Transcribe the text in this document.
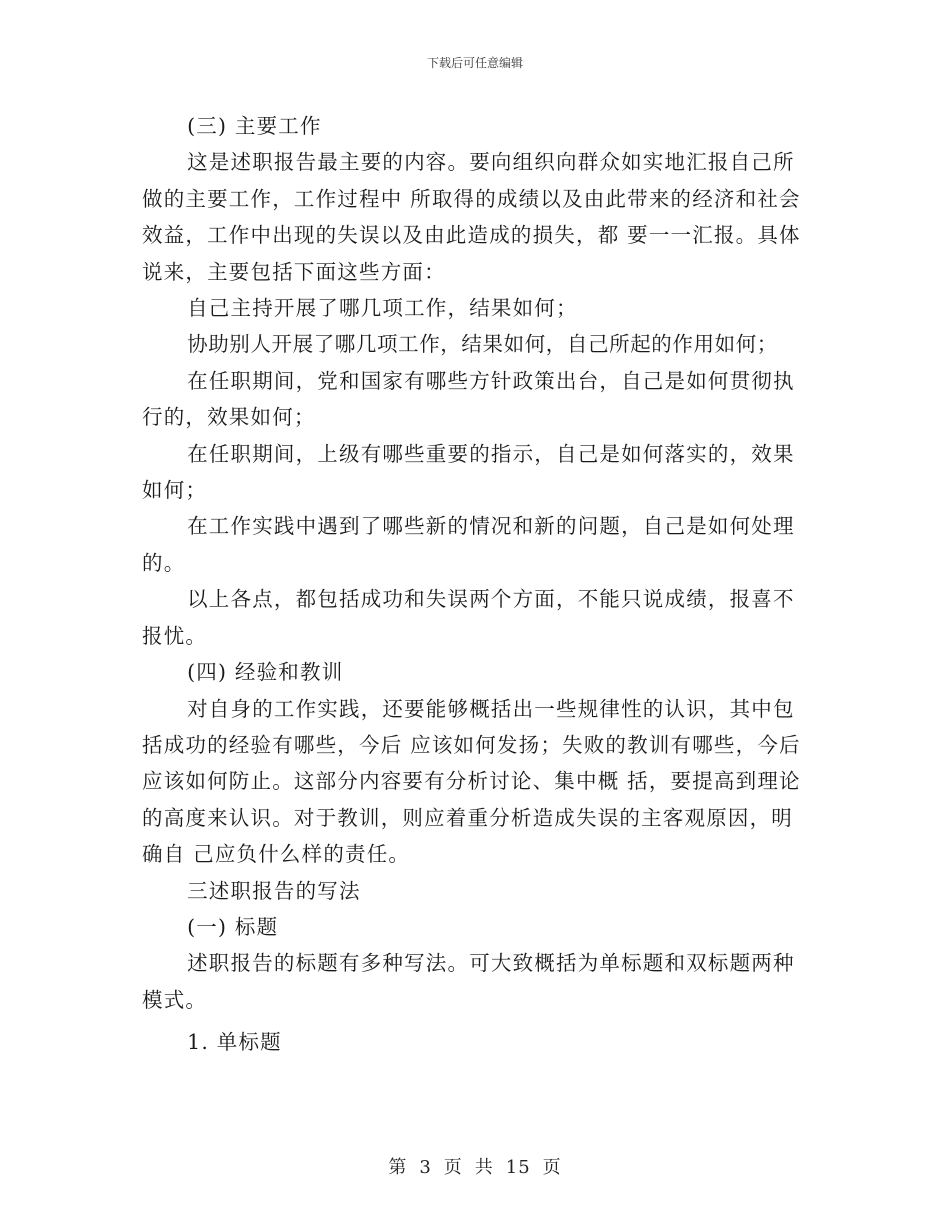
下载后可任意编辑

(三) 主要工作

这是述职报告最主要的内容。要向组织向群众如实地汇报自己所做的主要工作，工作过程中 所取得的成绩以及由此带来的经济和社会效益，工作中出现的失误以及由此造成的损失，都 要一一汇报。具体说来，主要包括下面这些方面：

自己主持开展了哪几项工作，结果如何；

协助别人开展了哪几项工作，结果如何，自己所起的作用如何；

在任职期间，党和国家有哪些方针政策出台，自己是如何贯彻执行的，效果如何；

在任职期间，上级有哪些重要的指示，自己是如何落实的，效果如何；

在工作实践中遇到了哪些新的情况和新的问题，自己是如何处理的。

以上各点，都包括成功和失误两个方面，不能只说成绩，报喜不报忧。

(四) 经验和教训

对自身的工作实践，还要能够概括出一些规律性的认识，其中包括成功的经验有哪些，今后 应该如何发扬；失败的教训有哪些，今后应该如何防止。这部分内容要有分析讨论、集中概 括，要提高到理论的高度来认识。对于教训，则应着重分析造成失误的主客观原因，明确自 己应负什么样的责任。

三述职报告的写法

(一) 标题

述职报告的标题有多种写法。可大致概括为单标题和双标题两种模式。

1. 单标题

第 3 页 共 15 页
